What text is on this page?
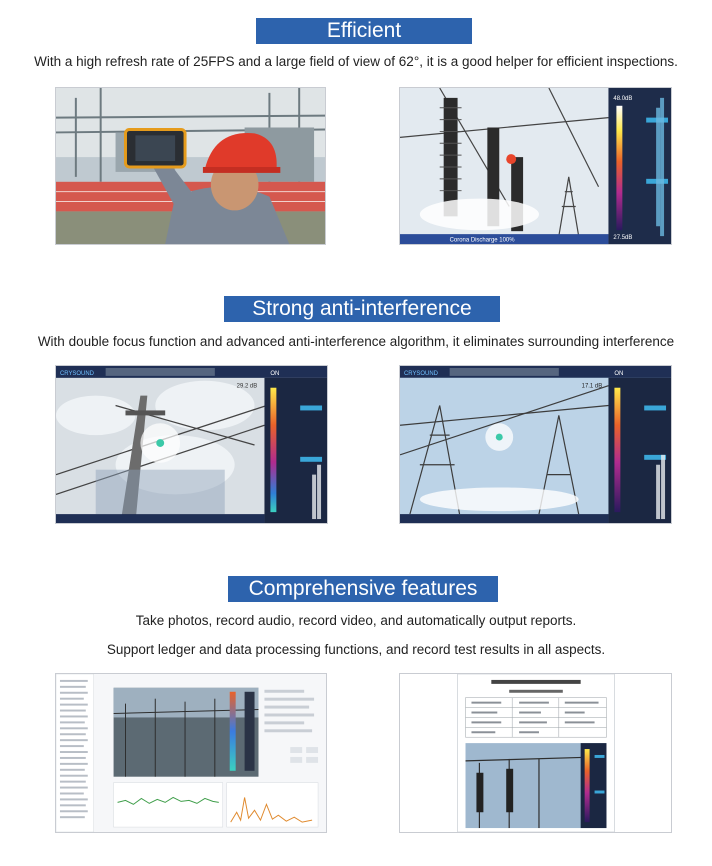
Efficient
With a high refresh rate of 25FPS and a large field of view of 62°, it is a good helper for efficient inspections.
Corona Discharge 100%
48.0dB
27.5dB
Strong anti-interference
With double focus function and advanced anti-interference algorithm, it eliminates surrounding interference
CRYSOUND
29.2 dB
ON	CRYSOUND
17.1 dB
ON
Comprehensive features
Take photos, record audio, record video, and automatically output reports.
Support ledger and data processing functions, and record test results in all aspects.
